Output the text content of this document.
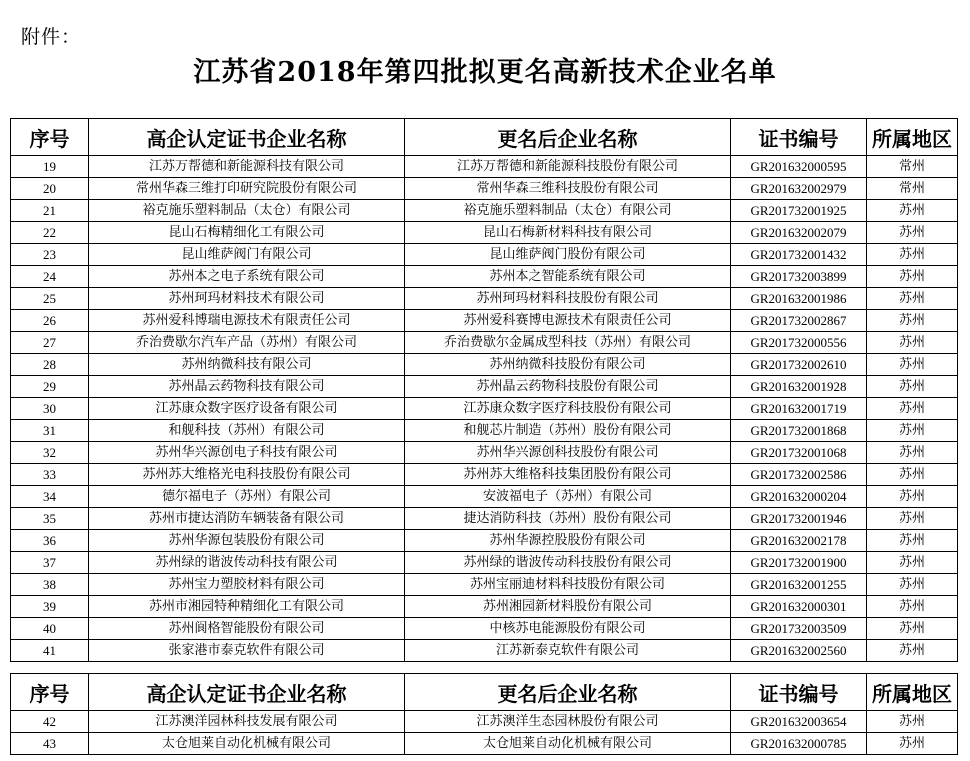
附件：
江苏省2018年第四批拟更名高新技术企业名单
序号	高企认定证书企业名称	更名后企业名称	证书编号	所属地区
19	江苏万帮德和新能源科技有限公司	江苏万帮德和新能源科技股份有限公司	GR201632000595	常州
20	常州华森三维打印研究院股份有限公司	常州华森三维科技股份有限公司	GR201632002979	常州
21	裕克施乐塑料制品（太仓）有限公司	裕克施乐塑料制品（太仓）有限公司	GR201732001925	苏州
22	昆山石梅精细化工有限公司	昆山石梅新材料科技有限公司	GR201632002079	苏州
23	昆山维萨阀门有限公司	昆山维萨阀门股份有限公司	GR201732001432	苏州
24	苏州本之电子系统有限公司	苏州本之智能系统有限公司	GR201732003899	苏州
25	苏州珂玛材料技术有限公司	苏州珂玛材料科技股份有限公司	GR201632001986	苏州
26	苏州爱科博瑞电源技术有限责任公司	苏州爱科赛博电源技术有限责任公司	GR201732002867	苏州
27	乔治费歇尔汽车产品（苏州）有限公司	乔治费歇尔金属成型科技（苏州）有限公司	GR201732000556	苏州
28	苏州纳微科技有限公司	苏州纳微科技股份有限公司	GR201732002610	苏州
29	苏州晶云药物科技有限公司	苏州晶云药物科技股份有限公司	GR201632001928	苏州
30	江苏康众数字医疗设备有限公司	江苏康众数字医疗科技股份有限公司	GR201632001719	苏州
31	和舰科技（苏州）有限公司	和舰芯片制造（苏州）股份有限公司	GR201732001868	苏州
32	苏州华兴源创电子科技有限公司	苏州华兴源创科技股份有限公司	GR201732001068	苏州
33	苏州苏大维格光电科技股份有限公司	苏州苏大维格科技集团股份有限公司	GR201732002586	苏州
34	德尔福电子（苏州）有限公司	安波福电子（苏州）有限公司	GR201632000204	苏州
35	苏州市捷达消防车辆装备有限公司	捷达消防科技（苏州）股份有限公司	GR201732001946	苏州
36	苏州华源包装股份有限公司	苏州华源控股股份有限公司	GR201632002178	苏州
37	苏州绿的谐波传动科技有限公司	苏州绿的谐波传动科技股份有限公司	GR201732001900	苏州
38	苏州宝力塑胶材料有限公司	苏州宝丽迪材料科技股份有限公司	GR201632001255	苏州
39	苏州市湘园特种精细化工有限公司	苏州湘园新材料股份有限公司	GR201632000301	苏州
40	苏州阆格智能股份有限公司	中核苏电能源股份有限公司	GR201732003509	苏州
41	张家港市泰克软件有限公司	江苏新泰克软件有限公司	GR201632002560	苏州
序号	高企认定证书企业名称	更名后企业名称	证书编号	所属地区
42	江苏澳洋园林科技发展有限公司	江苏澳洋生态园林股份有限公司	GR201632003654	苏州
43	太仓旭莱自动化机械有限公司	太仓旭莱自动化机械有限公司	GR201632000785	苏州
